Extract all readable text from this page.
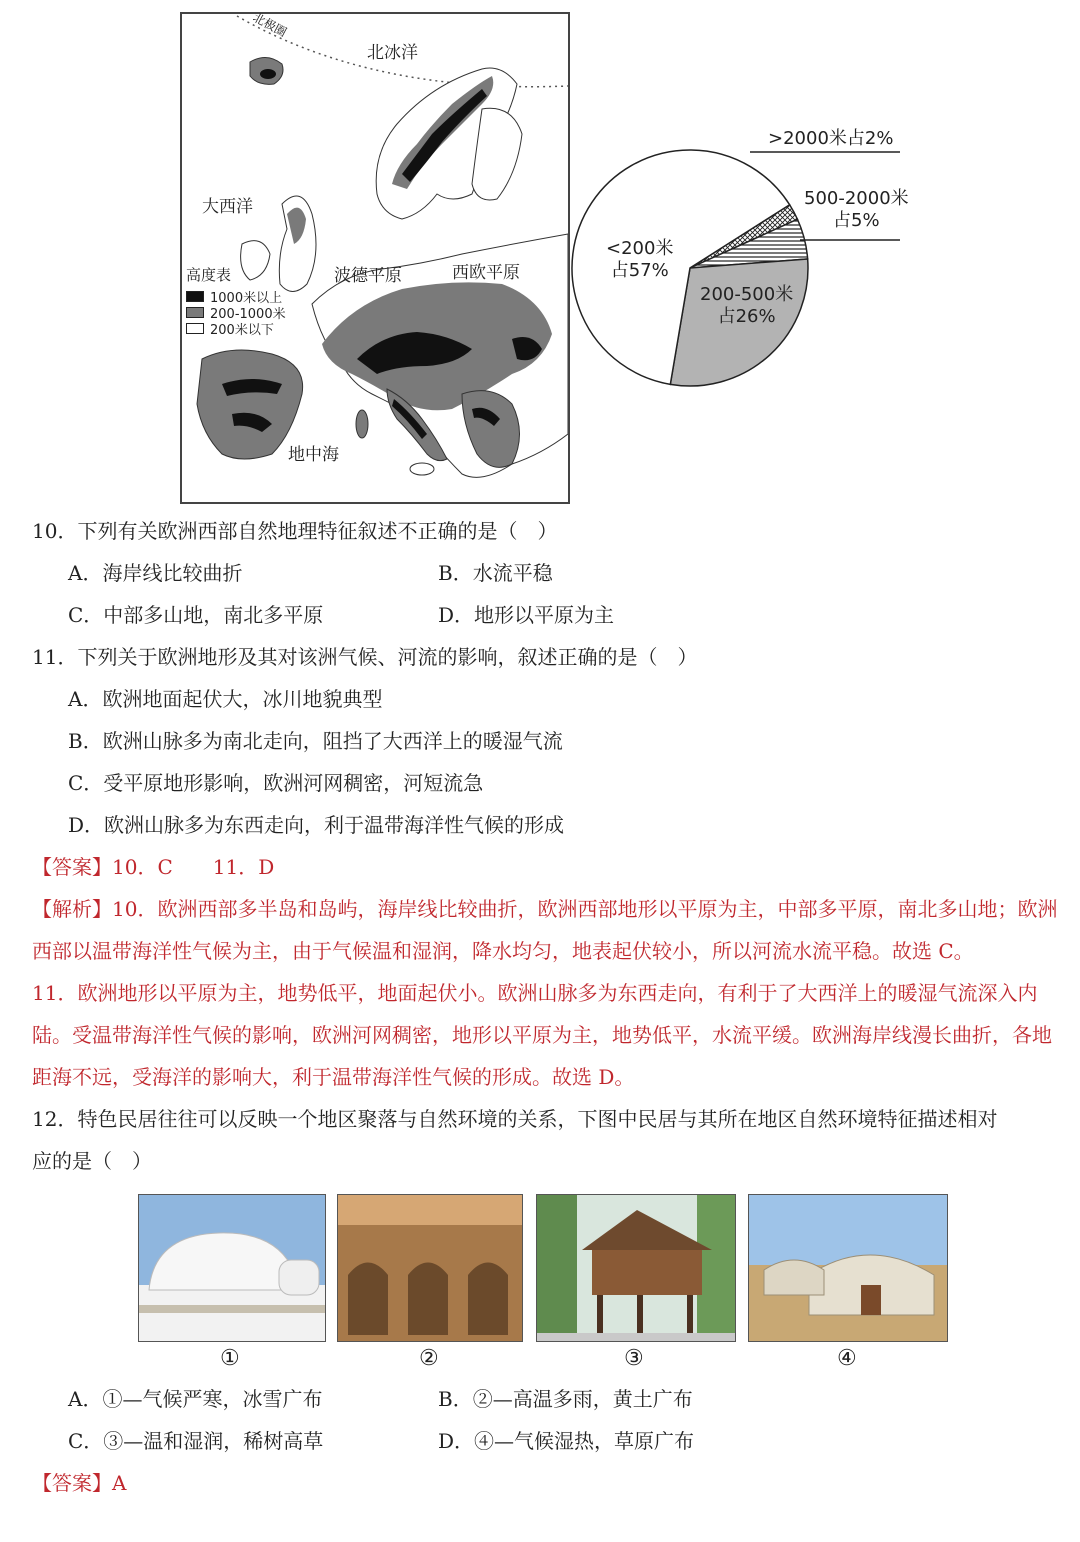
北极圈
北冰洋
大西洋
波德平原	西欧平原
地中海
高度表
1000米以上
200-1000米
200米以下
>2000米占2%
500-2000米
占5%
<200米
占57%
200-500米
占26%
10．下列有关欧洲西部自然地理特征叙述不正确的是（　）
A．海岸线比较曲折	B．水流平稳
C．中部多山地，南北多平原	D．地形以平原为主
11．下列关于欧洲地形及其对该洲气候、河流的影响，叙述正确的是（　）
A．欧洲地面起伏大，冰川地貌典型
B．欧洲山脉多为南北走向，阻挡了大西洋上的暖湿气流
C．受平原地形影响，欧洲河网稠密，河短流急
D．欧洲山脉多为东西走向，利于温带海洋性气候的形成
【答案】10．C　　11．D
【解析】10．欧洲西部多半岛和岛屿，海岸线比较曲折，欧洲西部地形以平原为主，中部多平原，南北多山地；欧洲西部以温带海洋性气候为主，由于气候温和湿润，降水均匀，地表起伏较小，所以河流水流平稳。故选 C。
11．欧洲地形以平原为主，地势低平，地面起伏小。欧洲山脉多为东西走向，有利于了大西洋上的暖湿气流深入内陆。受温带海洋性气候的影响，欧洲河网稠密，地形以平原为主，地势低平，水流平缓。欧洲海岸线漫长曲折，各地距海不远，受海洋的影响大，利于温带海洋性气候的形成。故选 D。
12．特色民居往往可以反映一个地区聚落与自然环境的关系，下图中民居与其所在地区自然环境特征描述相对
应的是（　）
①	②	③	④
A．①—气候严寒，冰雪广布	B．②—高温多雨，黄土广布
C．③—温和湿润，稀树高草	D．④—气候湿热，草原广布
【答案】A
